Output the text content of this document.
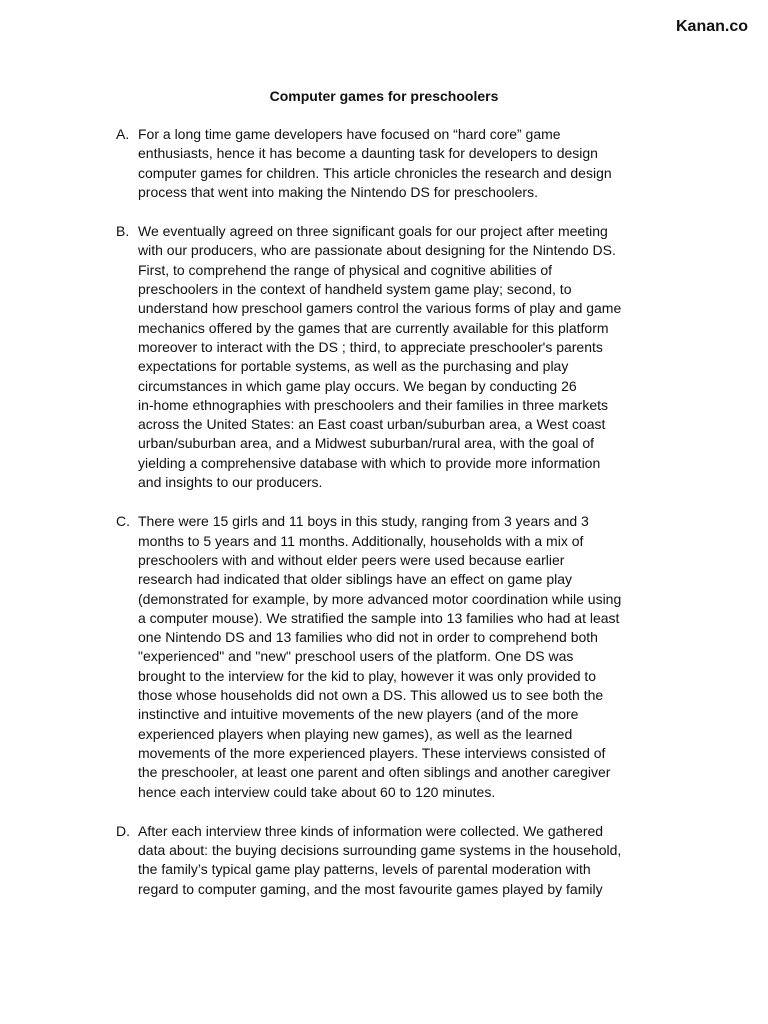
Kanan.co
Computer games for preschoolers
A. For a long time game developers have focused on “hard core” game
enthusiasts, hence it has become a daunting task for developers to design
computer games for children. This article chronicles the research and design
process that went into making the Nintendo DS for preschoolers.
B. We eventually agreed on three significant goals for our project after meeting
with our producers, who are passionate about designing for the Nintendo DS.
First, to comprehend the range of physical and cognitive abilities of
preschoolers in the context of handheld system game play; second, to
understand how preschool gamers control the various forms of play and game
mechanics offered by the games that are currently available for this platform
moreover to interact with the DS ; third, to appreciate preschooler's parents
expectations for portable systems, as well as the purchasing and play
circumstances in which game play occurs. We began by conducting 26
in-home ethnographies with preschoolers and their families in three markets
across the United States: an East coast urban/suburban area, a West coast
urban/suburban area, and a Midwest suburban/rural area, with the goal of
yielding a comprehensive database with which to provide more information
and insights to our producers.
C. There were 15 girls and 11 boys in this study, ranging from 3 years and 3
months to 5 years and 11 months. Additionally, households with a mix of
preschoolers with and without elder peers were used because earlier
research had indicated that older siblings have an effect on game play
(demonstrated for example, by more advanced motor coordination while using
a computer mouse). We stratified the sample into 13 families who had at least
one Nintendo DS and 13 families who did not in order to comprehend both
"experienced" and "new" preschool users of the platform. One DS was
brought to the interview for the kid to play, however it was only provided to
those whose households did not own a DS. This allowed us to see both the
instinctive and intuitive movements of the new players (and of the more
experienced players when playing new games), as well as the learned
movements of the more experienced players. These interviews consisted of
the preschooler, at least one parent and often siblings and another caregiver
hence each interview could take about 60 to 120 minutes.
D. After each interview three kinds of information were collected. We gathered
data about: the buying decisions surrounding game systems in the household,
the family’s typical game play patterns, levels of parental moderation with
regard to computer gaming, and the most favourite games played by family
